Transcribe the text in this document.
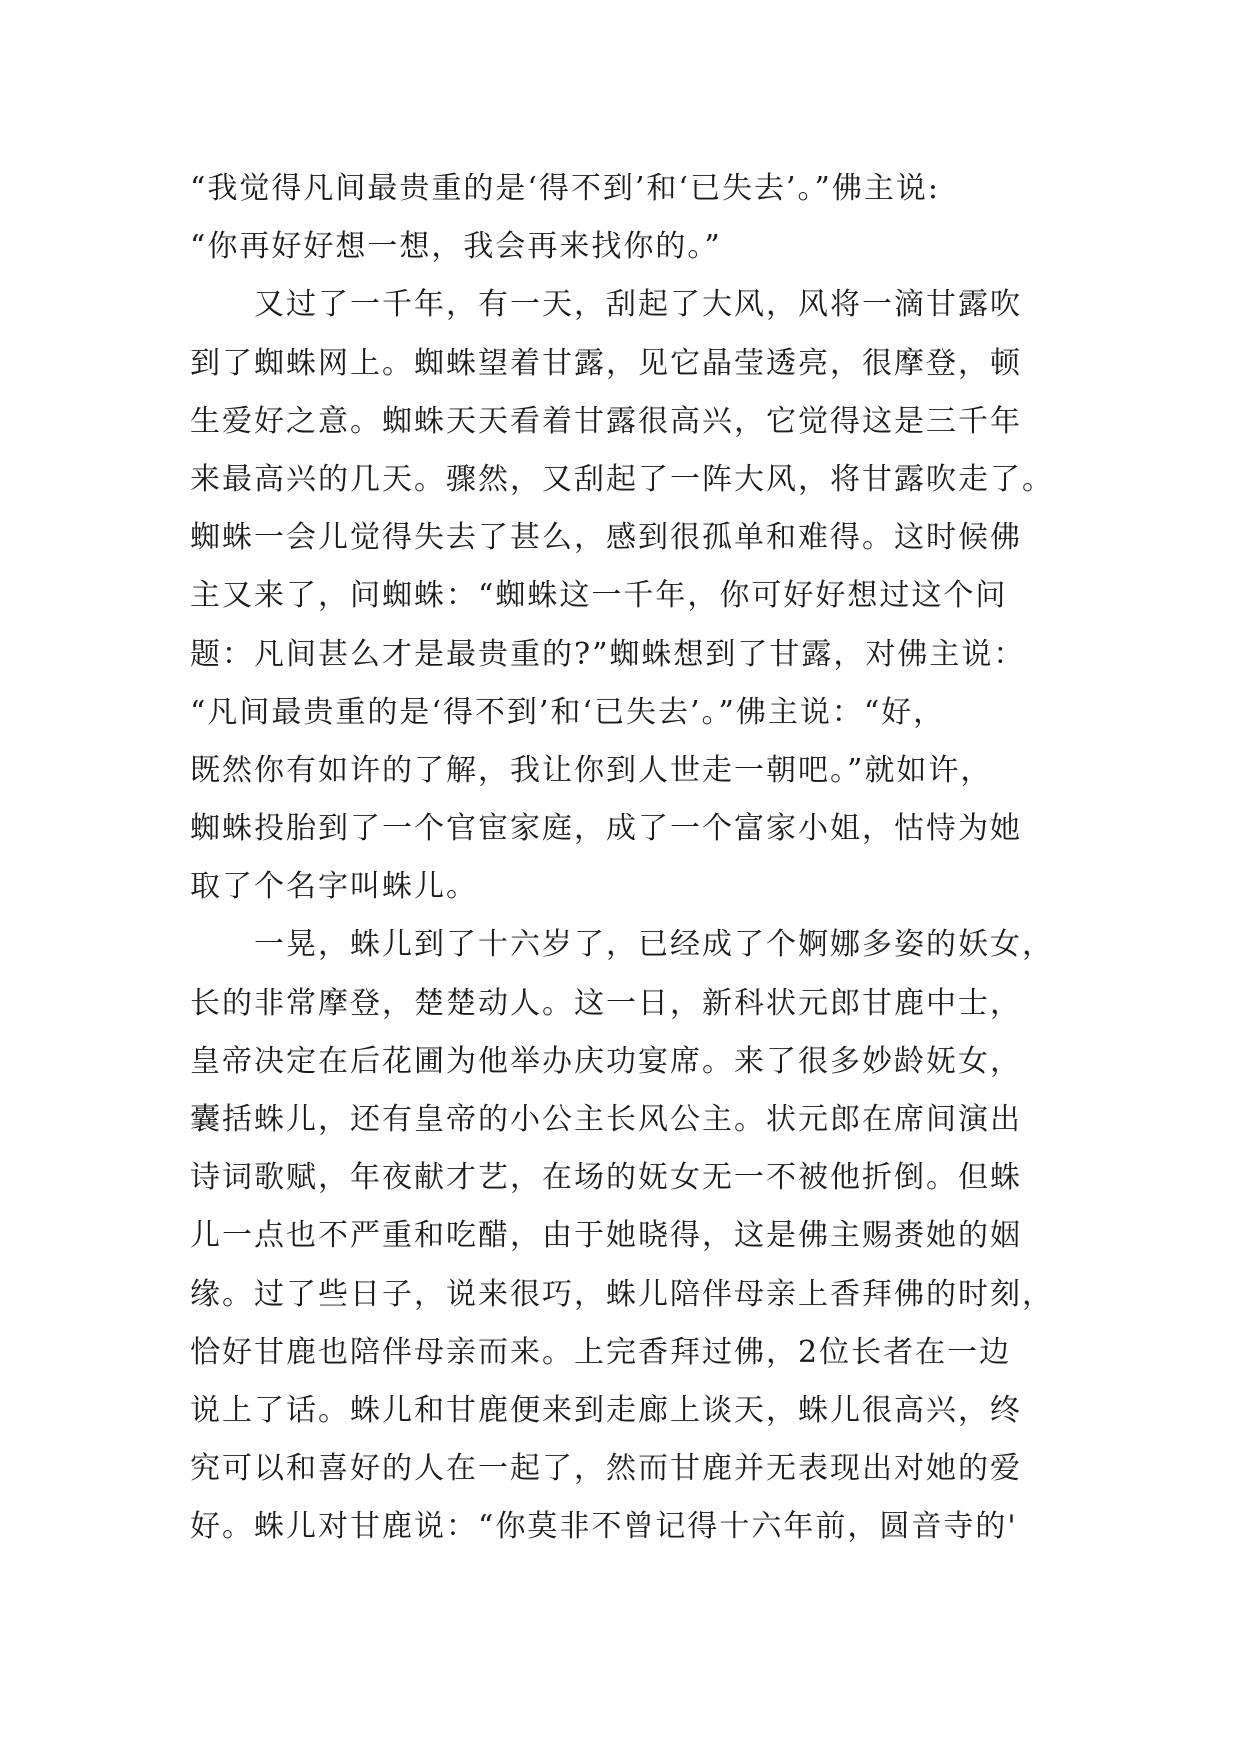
“我觉得凡间最贵重的是‘得不到’和‘已失去’。”佛主说:
“你再好好想一想，我会再来找你的。”
又过了一千年，有一天，刮起了大风，风将一滴甘露吹
到了蜘蛛网上。蜘蛛望着甘露，见它晶莹透亮，很摩登，顿
生爱好之意。蜘蛛天天看着甘露很高兴，它觉得这是三千年
来最高兴的几天。骤然，又刮起了一阵大风，将甘露吹走了。
蜘蛛一会儿觉得失去了甚么，感到很孤单和难得。这时候佛
主又来了，问蜘蛛：“蜘蛛这一千年，你可好好想过这个问
题：凡间甚么才是最贵重的?”蜘蛛想到了甘露，对佛主说：
“凡间最贵重的是‘得不到’和‘已失去’。”佛主说：“好，
既然你有如许的了解，我让你到人世走一朝吧。”就如许，
蜘蛛投胎到了一个官宦家庭，成了一个富家小姐，怙恃为她
取了个名字叫蛛儿。
一晃，蛛儿到了十六岁了，已经成了个婀娜多姿的妖女，
长的非常摩登，楚楚动人。这一日，新科状元郎甘鹿中士，
皇帝决定在后花圃为他举办庆功宴席。来了很多妙龄妩女，
囊括蛛儿，还有皇帝的小公主长风公主。状元郎在席间演出
诗词歌赋，年夜献才艺，在场的妩女无一不被他折倒。但蛛
儿一点也不严重和吃醋，由于她晓得，这是佛主赐赉她的姻
缘。过了些日子，说来很巧，蛛儿陪伴母亲上香拜佛的时刻，
恰好甘鹿也陪伴母亲而来。上完香拜过佛，2位长者在一边
说上了话。蛛儿和甘鹿便来到走廊上谈天，蛛儿很高兴，终
究可以和喜好的人在一起了，然而甘鹿并无表现出对她的爱
好。蛛儿对甘鹿说：“你莫非不曾记得十六年前，圆音寺的'
